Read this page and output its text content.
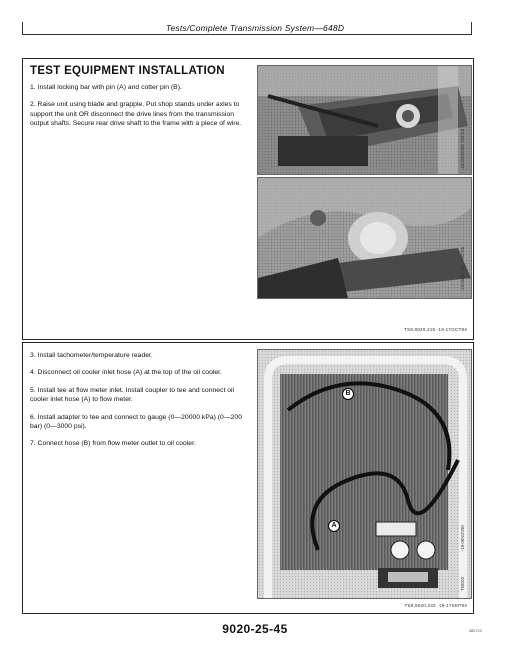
Tests/Complete Transmission System—648D
TEST EQUIPMENT INSTALLATION
1. Install locking bar with pin (A) and cotter pin (B).
2. Raise unit using blade and grapple. Put shop stands under axles to support the unit OR disconnect the drive lines from the transmission output shafts. Secure rear drive shaft to the frame with a piece of wire.
-19-05NOV90
T90718
-19-09OCT90
T92746
TS9,9020,215 -19-17OCT94
3. Install tachometer/temperature reader.
4. Disconnect oil cooler inlet hose (A) at the top of the oil cooler.
5. Install tee at flow meter inlet. Install coupler to tee and connect oil cooler inlet hose (A) to flow meter.
6. Install adapter to tee and connect to gauge (0—20000 kPa) (0—200 bar) (0—3000 psi).
7. Connect hose (B) from flow meter outlet to oil cooler.
B
A	-19-06NOV90
T90002
TS9,9020,232 -19-17SEP94
9020-25-45	380722
